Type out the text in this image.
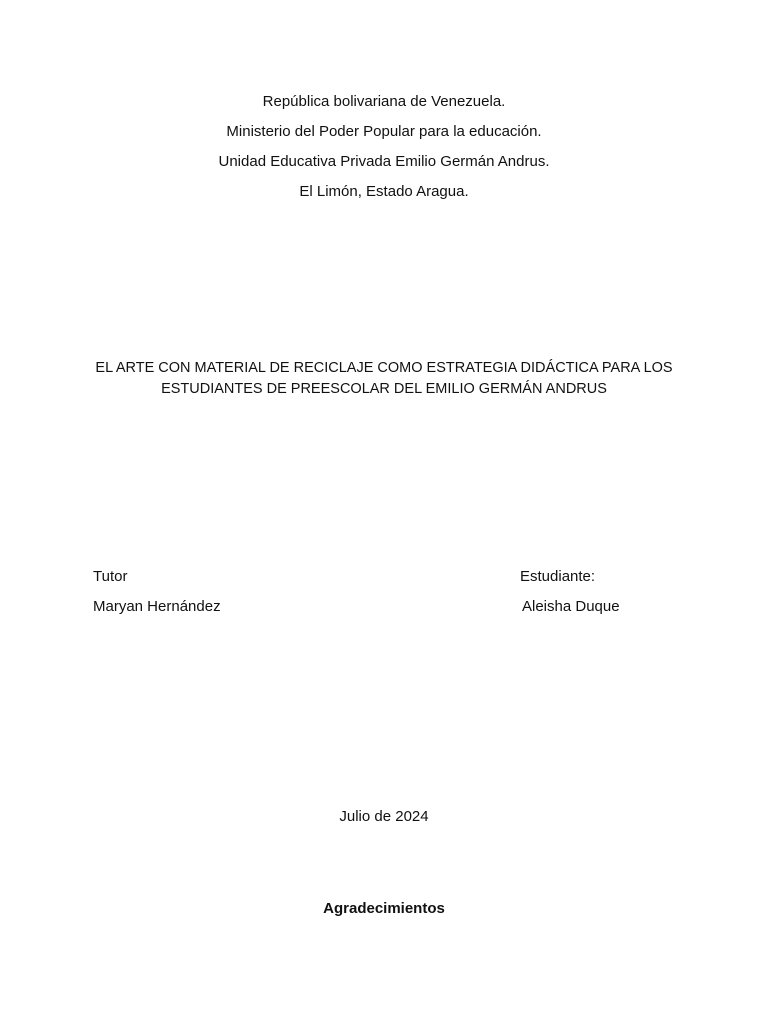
República bolivariana de Venezuela.
Ministerio del Poder Popular para la educación.
Unidad Educativa Privada Emilio Germán Andrus.
El Limón, Estado Aragua.
EL ARTE CON MATERIAL DE RECICLAJE COMO ESTRATEGIA DIDÁCTICA PARA LOS
ESTUDIANTES DE PREESCOLAR DEL EMILIO GERMÁN ANDRUS
Tutor
Maryan Hernández
Estudiante:
Aleisha Duque
Julio de 2024
Agradecimientos
